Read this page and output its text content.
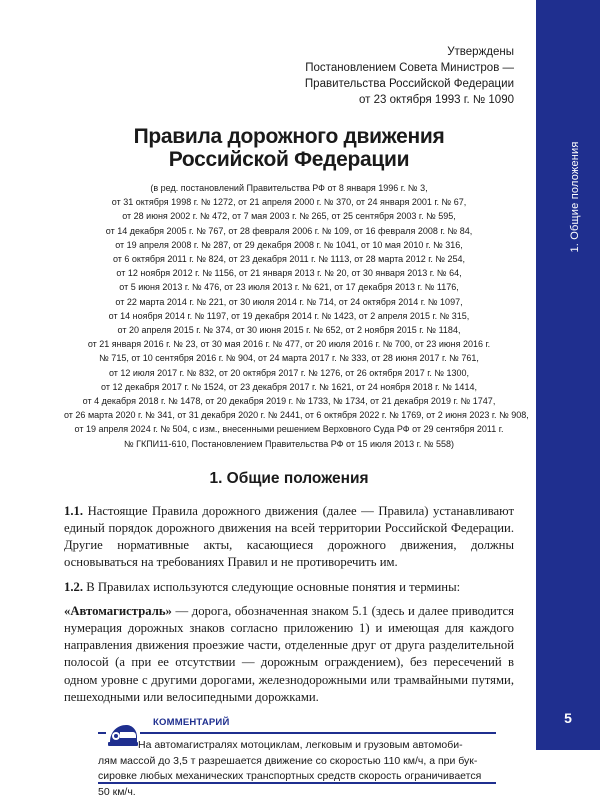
1. Общие положения
5
Утверждены
Постановлением Совета Министров —
Правительства Российской Федерации
от 23 октября 1993 г. № 1090
Правила дорожного движения
Российской Федерации
(в ред. постановлений Правительства РФ от 8 января 1996 г. № 3,
от 31 октября 1998 г. № 1272, от 21 апреля 2000 г. № 370, от 24 января 2001 г. № 67,
от 28 июня 2002 г. № 472, от 7 мая 2003 г. № 265, от 25 сентября 2003 г. № 595,
от 14 декабря 2005 г. № 767, от 28 февраля 2006 г. № 109, от 16 февраля 2008 г. № 84,
от 19 апреля 2008 г. № 287, от 29 декабря 2008 г. № 1041, от 10 мая 2010 г. № 316,
от 6 октября 2011 г. № 824, от 23 декабря 2011 г. № 1113, от 28 марта 2012 г. № 254,
от 12 ноября 2012 г. № 1156, от 21 января 2013 г. № 20, от 30 января 2013 г. № 64,
от 5 июня 2013 г. № 476, от 23 июля 2013 г. № 621, от 17 декабря 2013 г. № 1176,
от 22 марта 2014 г. № 221, от 30 июля 2014 г. № 714, от 24 октября 2014 г. № 1097,
от 14 ноября 2014 г. № 1197, от 19 декабря 2014 г. № 1423, от 2 апреля 2015 г. № 315,
от 20 апреля 2015 г. № 374, от 30 июня 2015 г. № 652, от 2 ноября 2015 г. № 1184,
от 21 января 2016 г. № 23, от 30 мая 2016 г. № 477, от 20 июля 2016 г. № 700, от 23 июня 2016 г.
№ 715, от 10 сентября 2016 г. № 904, от 24 марта 2017 г. № 333, от 28 июня 2017 г. № 761,
от 12 июля 2017 г. № 832, от 20 октября 2017 г. № 1276, от 26 октября 2017 г. № 1300,
от 12 декабря 2017 г. № 1524, от 23 декабря 2017 г. № 1621, от 24 ноября 2018 г. № 1414,
от 4 декабря 2018 г. № 1478, от 20 декабря 2019 г. № 1733, № 1734, от 21 декабря 2019 г. № 1747,
от 26 марта 2020 г. № 341, от 31 декабря 2020 г. № 2441, от 6 октября 2022 г. № 1769, от 2 июня 2023 г. № 908,
от 19 апреля 2024 г. № 504, с изм., внесенными решением Верховного Суда РФ от 29 сентября 2011 г.
№ ГКПИ11-610, Постановлением Правительства РФ от 15 июля 2013 г. № 558)
1. Общие положения

1.1. Настоящие Правила дорожного движения (далее — Правила) устанавливают единый порядок дорожного движения на всей территории Российской Федерации. Другие нормативные акты, касающиеся дорожного движения, должны основываться на требованиях Правил и не противоречить им.

1.2. В Правилах используются следующие основные понятия и термины:

«Автомагистраль» — дорога, обозначенная знаком 5.1 (здесь и далее приводится нумерация дорожных знаков согласно приложению 1) и имеющая для каждого направления движения проезжие части, отделенные друг от друга разделительной полосой (а при ее отсутствии — дорожным ограждением), без пересечений в одном уровне с другими дорогами, железнодорожными или трамвайными путями, пешеходными или велосипедными дорожками.

КОММЕНТАРИЙ
На автомагистралях мотоциклам, легковым и грузовым автомоби-
лям массой до 3,5 т разрешается движение со скоростью 110 км/ч, а при бук-
сировке любых механических транспортных средств скорость ограничивается
50 км/ч.
